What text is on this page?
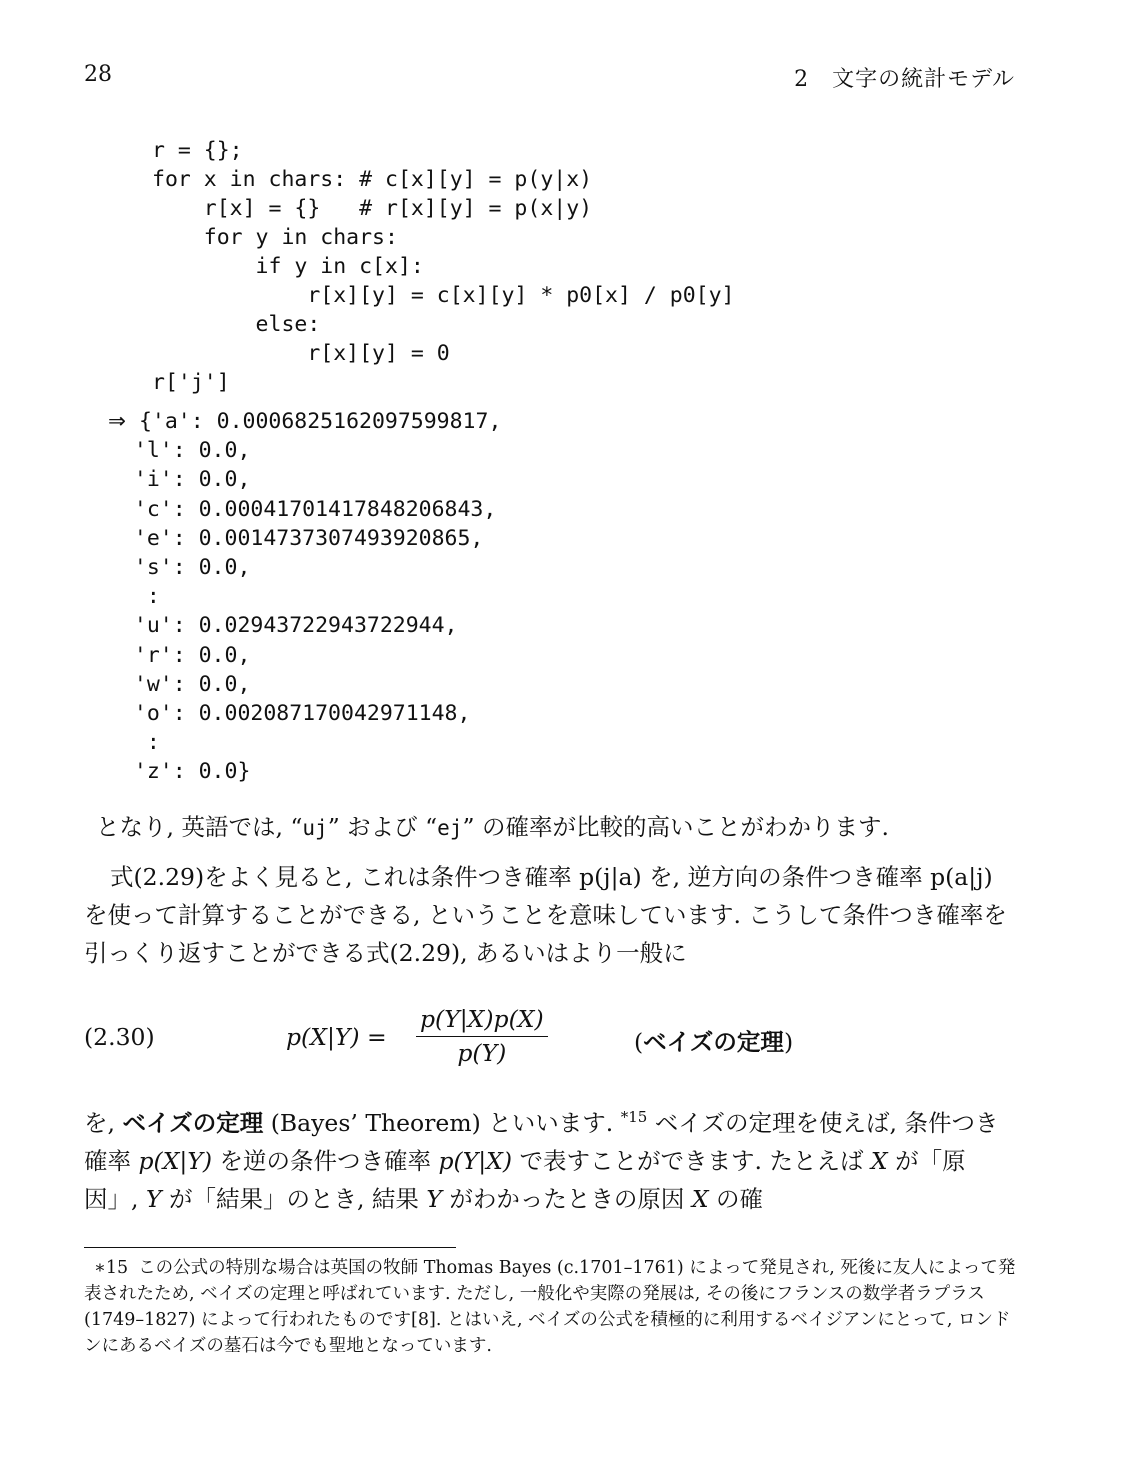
28	2　文字の統計モデル
r = {};
for x in chars: # c[x][y] = p(y|x)
r[x] = {}   # r[x][y] = p(x|y)
for y in chars:
if y in c[x]:
r[x][y] = c[x][y] * p0[x] / p0[y]
else:
r[x][y] = 0
r['j']
⇒ {'a': 0.0006825162097599817,
'l': 0.0,
'i': 0.0,
'c': 0.00041701417848206843,
'e': 0.0014737307493920865,
's': 0.0,
:
'u': 0.02943722943722944,
'r': 0.0,
'w': 0.0,
'o': 0.002087170042971148,
:
'z': 0.0}

となり, 英語では, “uj” および “ej” の確率が比較的高いことがわかります.

式(2.29)をよく見ると, これは条件つき確率 p(j|a) を, 逆方向の条件つき確率 p(a|j) を使って計算することができる, ということを意味しています. こうして条件つき確率を引っくり返すことができる式(2.29), あるいはより一般に

(2.30)	$p(X|Y) = \frac{p(Y|X)p(X)}{p(Y)}$	(ベイズの定理)

を, ベイズの定理 (Bayes’ Theorem) といいます. $^{*15}$ ベイズの定理を使えば, 条件つき確率 p(X|Y) を逆の条件つき確率 p(Y|X) で表すことができます. たとえば X が「原因」, Y が「結果」のとき, 結果 Y がわかったときの原因 X の確

∗15 この公式の特別な場合は英国の牧師 Thomas Bayes (c.1701–1761) によって発見され, 死後に友人によって発表されたため, ベイズの定理と呼ばれています. ただし, 一般化や実際の発展は, その後にフランスの数学者ラプラス (1749–1827) によって行われたものです[8]. とはいえ, ベイズの公式を積極的に利用するベイジアンにとって, ロンドンにあるベイズの墓石は今でも聖地となっています.
